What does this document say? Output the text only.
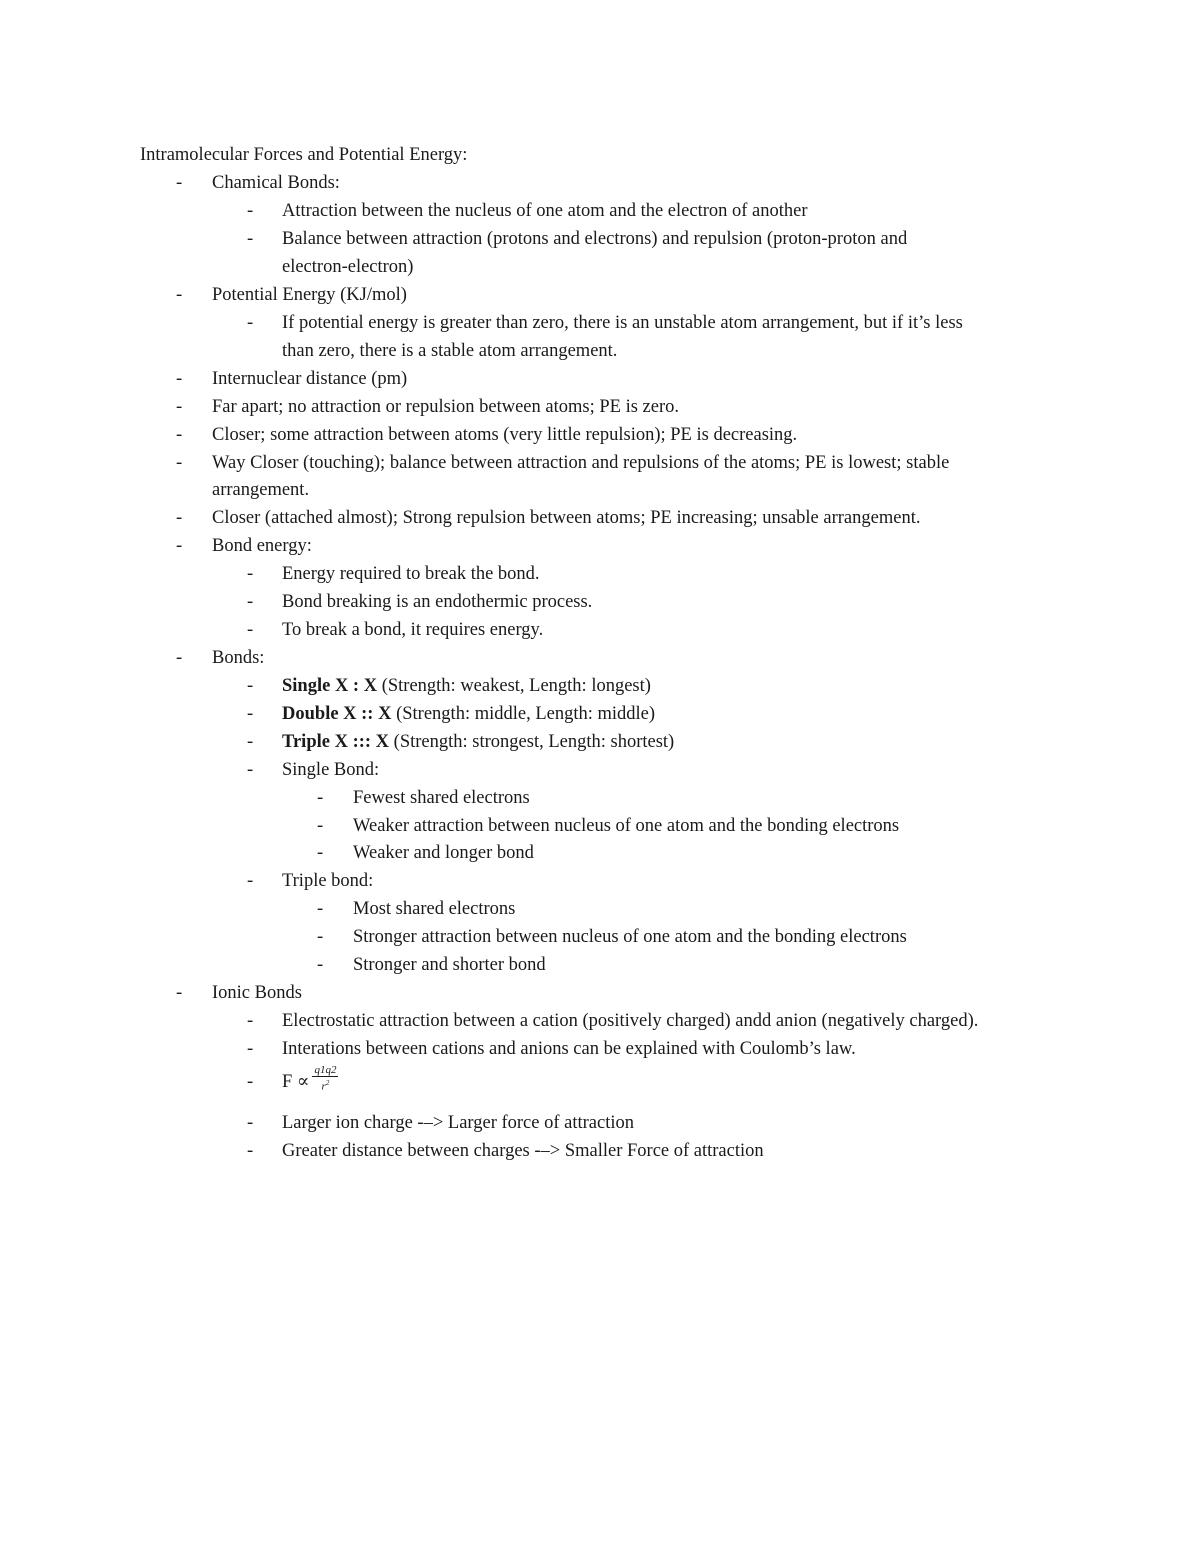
Intramolecular Forces and Potential Energy:
- Chamical Bonds:
- Attraction between the nucleus of one atom and the electron of another
- Balance between attraction (protons and electrons) and repulsion (proton-proton and
electron-electron)
- Potential Energy (KJ/mol)
- If potential energy is greater than zero, there is an unstable atom arrangement, but if it’s less
than zero, there is a stable atom arrangement.
- Internuclear distance (pm)
- Far apart; no attraction or repulsion between atoms; PE is zero.
- Closer; some attraction between atoms (very little repulsion); PE is decreasing.
- Way Closer (touching); balance between attraction and repulsions of the atoms; PE is lowest; stable
arrangement.
- Closer (attached almost); Strong repulsion between atoms; PE increasing; unsable arrangement.
- Bond energy:
- Energy required to break the bond.
- Bond breaking is an endothermic process.
- To break a bond, it requires energy.
- Bonds:
- Single X : X (Strength: weakest, Length: longest)
- Double X :: X (Strength: middle, Length: middle)
- Triple X ::: X (Strength: strongest, Length: shortest)
- Single Bond:
- Fewest shared electrons
- Weaker attraction between nucleus of one atom and the bonding electrons
- Weaker and longer bond
- Triple bond:
- Most shared electrons
- Stronger attraction between nucleus of one atom and the bonding electrons
- Stronger and shorter bond
- Ionic Bonds
- Electrostatic attraction between a cation (positively charged) andd anion (negatively charged).
- Interations between cations and anions can be explained with Coulomb’s law.
- $F \propto \frac{q1q2}{r^2}$
- Larger ion charge -–> Larger force of attraction
- Greater distance between charges -–> Smaller Force of attraction
